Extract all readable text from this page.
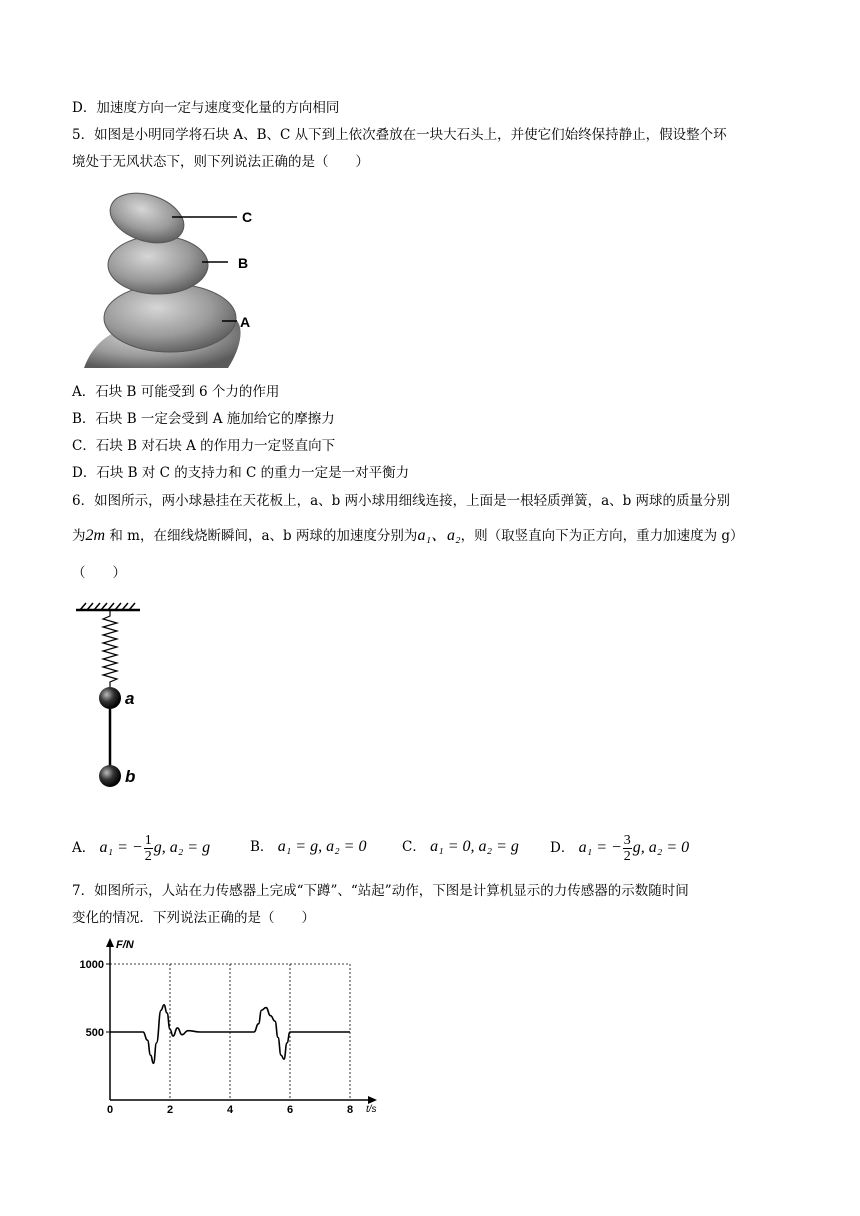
D．加速度方向一定与速度变化量的方向相同
5．如图是小明同学将石块 A、B、C 从下到上依次叠放在一块大石头上，并使它们始终保持静止，假设整个环
境处于无风状态下，则下列说法正确的是（　　）
C
B
A
A．石块 B 可能受到 6 个力的作用
B．石块 B 一定会受到 A 施加给它的摩擦力
C．石块 B 对石块 A 的作用力一定竖直向下
D．石块 B 对 C 的支持力和 C 的重力一定是一对平衡力
6．如图所示，两小球悬挂在天花板上，a、b 两小球用细线连接，上面是一根轻质弹簧，a、b 两球的质量分别
为2m 和 m，在细线烧断瞬间，a、b 两球的加速度分别为a₁、a₂，则（取竖直向下为正方向，重力加速度为 g）
（　　）
a
b
A． a₁ = − $\frac{1}{2} g$, a₂ = g	B． a₁ = g, a₂ = 0	C． a₁ = 0, a₂ = g D． a₁ = − $\frac{3}{2} g$, a₂ = 0
7．如图所示，人站在力传感器上完成“下蹲”、“站起”动作，下图是计算机显示的力传感器的示数随时间
变化的情况．下列说法正确的是（　　）
F/N
t/s
0	2	4	6	8
500
1000
